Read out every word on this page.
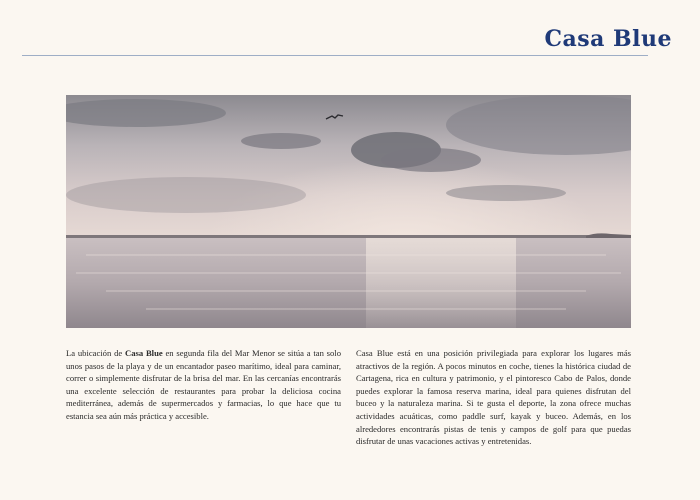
Casa Blue

La ubicación de Casa Blue en segunda fila del Mar Menor se sitúa a tan solo unos pasos de la playa y de un encantador paseo marítimo, ideal para caminar, correr o simplemente disfrutar de la brisa del mar. En las cercanías encontrarás una excelente selección de restaurantes para probar la deliciosa cocina mediterránea, además de supermercados y farmacias, lo que hace que tu estancia sea aún más práctica y accesible.

Casa Blue está en una posición privilegiada para explorar los lugares más atractivos de la región. A pocos minutos en coche, tienes la histórica ciudad de Cartagena, rica en cultura y patrimonio, y el pintoresco Cabo de Palos, donde puedes explorar la famosa reserva marina, ideal para quienes disfrutan del buceo y la naturaleza marina. Si te gusta el deporte, la zona ofrece muchas actividades acuáticas, como paddle surf, kayak y buceo. Además, en los alrededores encontrarás pistas de tenis y campos de golf para que puedas disfrutar de unas vacaciones activas y entretenidas.
